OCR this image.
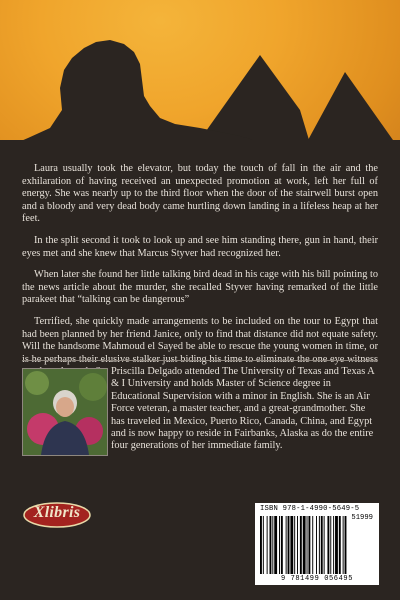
Laura usually took the elevator, but today the touch of fall in the air and the exhilaration of having received an unexpected promotion at work, left her full of energy. She was nearly up to the third floor when the door of the stairwell burst open and a bloody and very dead body came hurtling down landing in a lifeless heap at her feet.

In the split second it took to look up and see him standing there, gun in hand, their eyes met and she knew that Marcus Styver had recognized her.

When later she found her little talking bird dead in his cage with his bill pointing to the news article about the murder, she recalled Styver having remarked of the little parakeet that “talking can be dangerous”

Terrified, she quickly made arrangements to be included on the tour to Egypt that had been planned by her friend Janice, only to find that distance did not equate safety. Will the handsome Mahmoud el Sayed be able to rescue the young women in time, or

Priscilla Delgado attended The University of Texas and Texas A & I University and holds Master of Science degree in Educational Supervision with a minor in English. She is an Air Force veteran, a master teacher, and a great-grandmother. She has traveled in Mexico, Puerto Rico, Canada, China, and Egypt and is now happy to reside in Fairbanks, Alaska as do the entire four generations of her immediate family.
Xlibris	ISBN 978-1-4990-5649-5
51999
9 781499 056495
